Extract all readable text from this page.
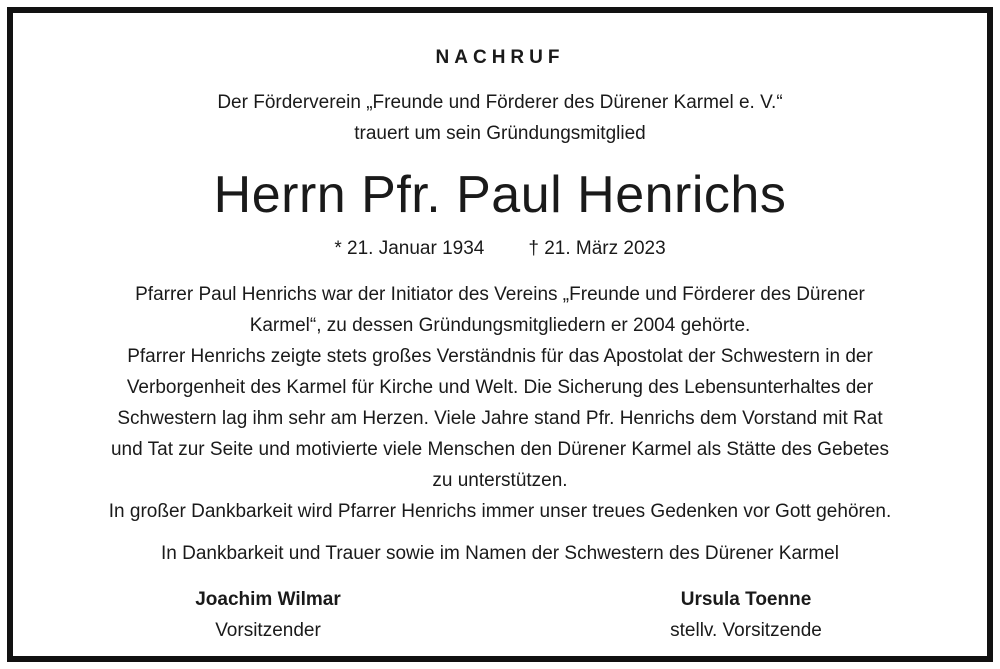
NACHRUF
Der Förderverein „Freunde und Förderer des Dürener Karmel e. V.“
trauert um sein Gründungsmitglied
Herrn Pfr. Paul Henrichs
* 21. Januar 1934 † 21. März 2023
Pfarrer Paul Henrichs war der Initiator des Vereins „Freunde und Förderer des Dürener
Karmel“, zu dessen Gründungsmitgliedern er 2004 gehörte.
Pfarrer Henrichs zeigte stets großes Verständnis für das Apostolat der Schwestern in der
Verborgenheit des Karmel für Kirche und Welt. Die Sicherung des Lebensunterhaltes der
Schwestern lag ihm sehr am Herzen. Viele Jahre stand Pfr. Henrichs dem Vorstand mit Rat
und Tat zur Seite und motivierte viele Menschen den Dürener Karmel als Stätte des Gebetes
zu unterstützen.
In großer Dankbarkeit wird Pfarrer Henrichs immer unser treues Gedenken vor Gott gehören.
In Dankbarkeit und Trauer sowie im Namen der Schwestern des Dürener Karmel
Joachim Wilmar
Vorsitzender
Ursula Toenne
stellv. Vorsitzende
